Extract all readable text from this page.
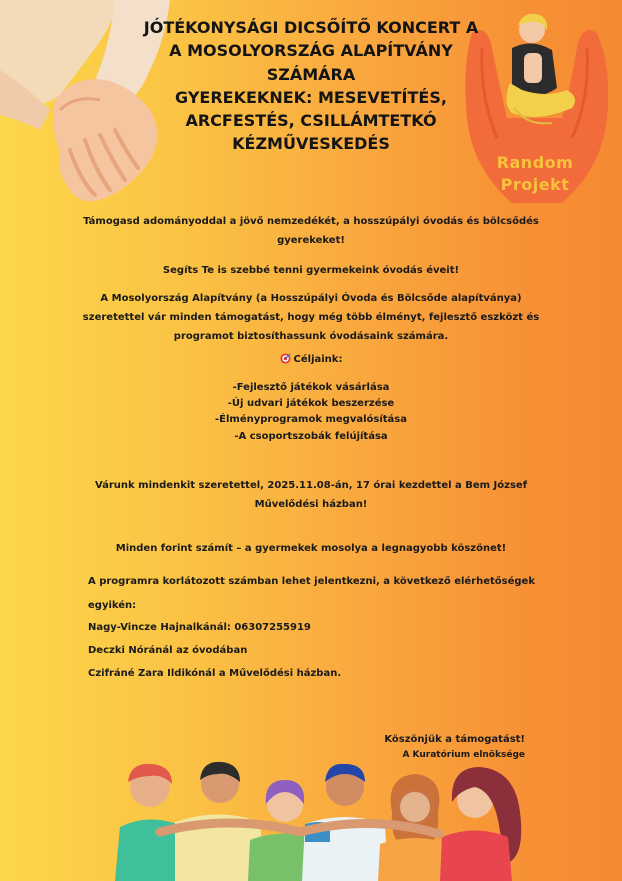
Random
Projekt
JÓTÉKONYSÁGI DICSŐÍTŐ KONCERT A
A MOSOLYORSZÁG ALAPÍTVÁNY
SZÁMÁRA
GYEREKEKNEK: MESEVETÍTÉS,
ARCFESTÉS, CSILLÁMTETKÓ
KÉZMŰVESKEDÉS
Támogasd adományoddal a jövő nemzedékét, a hosszúpályi óvodás és bölcsődés
gyerekeket!
Segíts Te is szebbé tenni gyermekeink óvodás éveit!
A Mosolyország Alapítvány (a Hosszúpályi Óvoda és Bölcsőde alapítványa)
szeretettel vár minden támogatást, hogy még több élményt, fejlesztő eszközt és
programot biztosíthassunk óvodásaink számára.
Céljaink:
-Fejlesztő játékok vásárlása
-Új udvari játékok beszerzése
-Élményprogramok megvalósítása
-A csoportszobák felújítása
Várunk mindenkit szeretettel, 2025.11.08-án, 17 órai kezdettel a Bem József
Művelődési házban!
Minden forint számít – a gyermekek mosolya a legnagyobb köszönet!
A programra korlátozott számban lehet jelentkezni, a következő elérhetőségek
egyikén:
Nagy-Vincze Hajnalkánál: 06307255919
Deczki Nóránál az óvodában
Czifráné Zara Ildikónál a Művelődési házban.
Köszönjük a támogatást!
A Kuratórium elnöksége
